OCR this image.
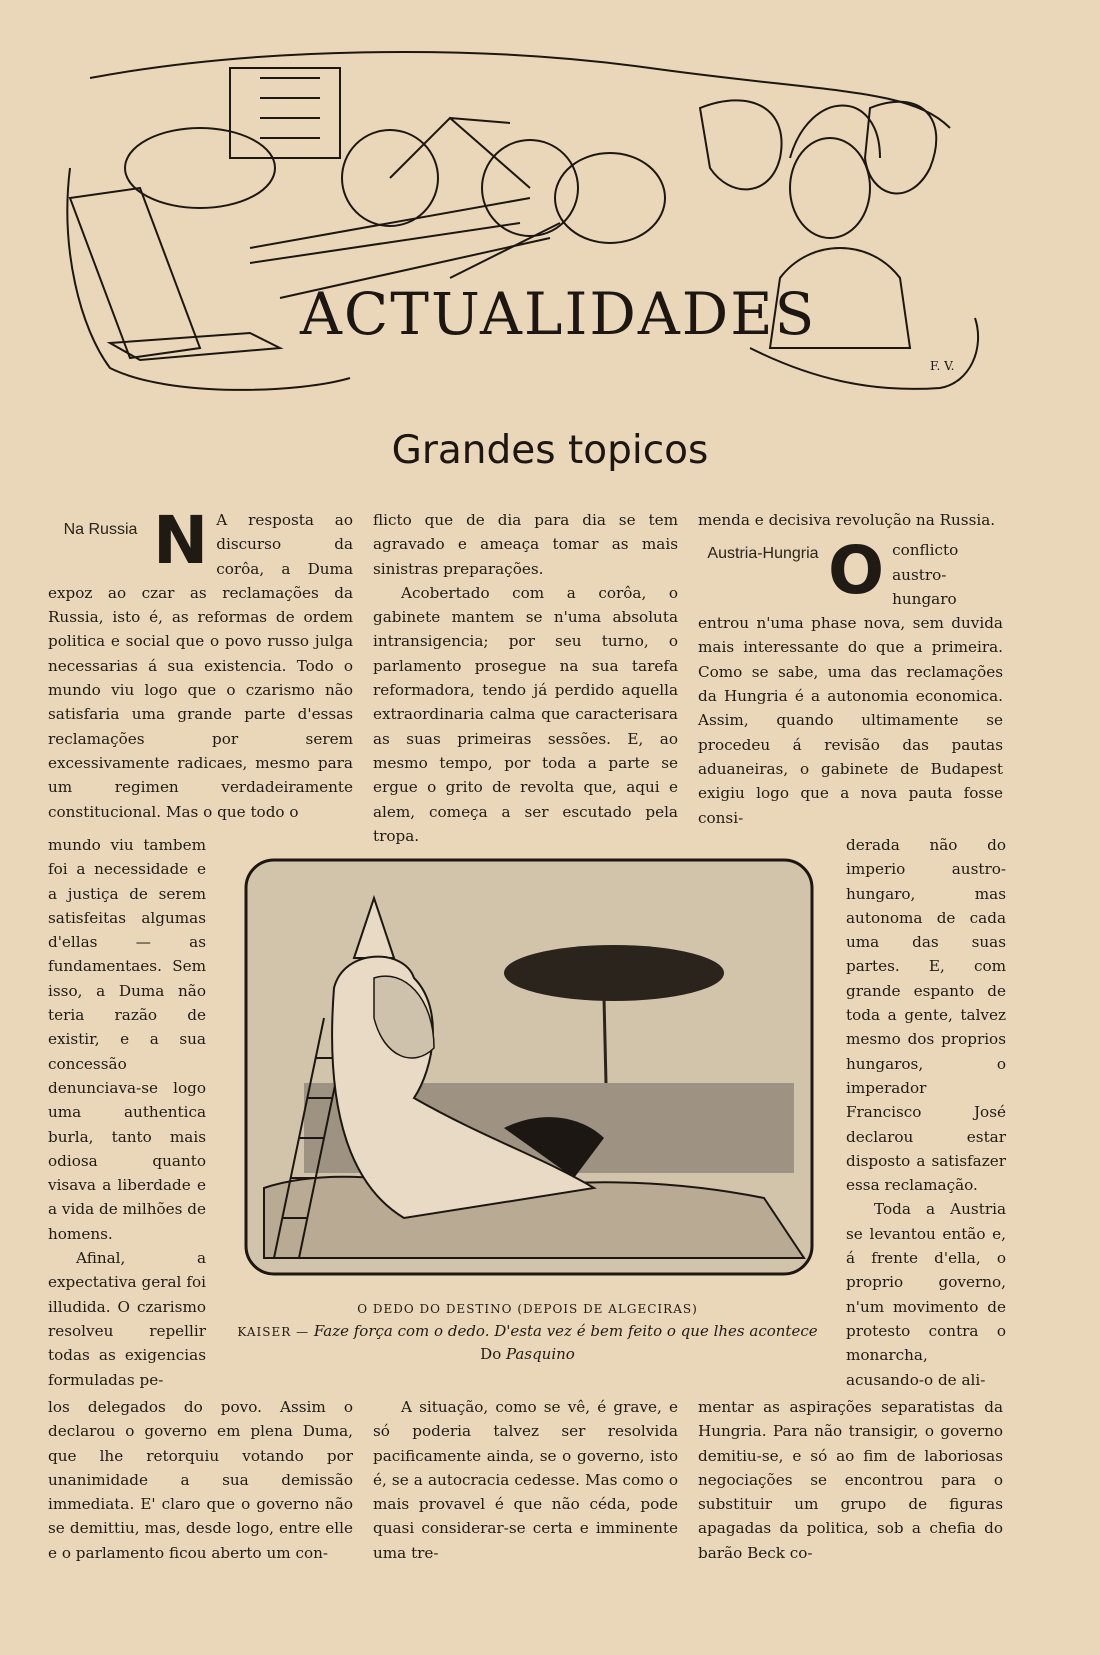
F. V.
ACTUALIDADES
Grandes topicos

Na Russia N A resposta ao discurso da corôa, a Duma expoz ao czar as reclamações da Russia, isto é, as reformas de ordem politica e social que o povo russo julga necessarias á sua existencia. Todo o mundo viu logo que o czarismo não satisfaria uma grande parte d'essas reclamações por serem excessivamente radicaes, mesmo para um regimen verdadeiramente constitucional. Mas o que todo o

mundo viu tambem foi a necessidade e a justiça de serem satisfeitas algumas d'ellas — as fundamentaes. Sem isso, a Duma não teria razão de existir, e a sua concessão denunciava-se logo uma authentica burla, tanto mais odiosa quanto visava a liberdade e a vida de milhões de homens.

Afinal, a expectativa geral foi illudida. O czarismo resolveu repellir todas as exigencias formuladas pe-

los delegados do povo. Assim o declarou o governo em plena Duma, que lhe retorquiu votando por unanimidade a sua demissão immediata. E' claro que o governo não se demittiu, mas, desde logo, entre elle e o parlamento ficou aberto um con-

flicto que de dia para dia se tem agravado e ameaça tomar as mais sinistras preparações.

Acobertado com a corôa, o gabinete mantem se n'uma absoluta intransigencia; por seu turno, o parlamento prosegue na sua tarefa reformadora, tendo já perdido aquella extraordinaria calma que caracterisara as suas primeiras sessões. E, ao mesmo tempo, por toda a parte se ergue o grito de revolta que, aqui e alem, começa a ser escutado pela tropa.

A situação, como se vê, é grave, e só poderia talvez ser resolvida pacificamente ainda, se o governo, isto é, se a autocracia cedesse. Mas como o mais provavel é que não céda, pode quasi considerar-se certa e imminente uma tre-

menda e decisiva revolução na Russia.

Austria-Hungria O conflicto austro-hungaro entrou n'uma phase nova, sem duvida mais interessante do que a primeira. Como se sabe, uma das reclamações da Hungria é a autonomia economica. Assim, quando ultimamente se procedeu á revisão das pautas aduaneiras, o gabinete de Budapest exigiu logo que a nova pauta fosse consi-

derada não do imperio austro-hungaro, mas autonoma de cada uma das suas partes. E, com grande espanto de toda a gente, talvez mesmo dos proprios hungaros, o imperador Francisco José declarou estar disposto a satisfazer essa reclamação.

Toda a Austria se levantou então e, á frente d'ella, o proprio governo, n'um movimento de protesto contra o monarcha, acusando-o de ali-

mentar as aspirações separatistas da Hungria. Para não transigir, o governo demitiu-se, e só ao fim de laboriosas negociações se encontrou para o substituir um grupo de figuras apagadas da politica, sob a chefia do barão Beck co-

O DEDO DO DESTINO (DEPOIS DE ALGECIRAS)
KAISER — Faze força com o dedo. D'esta vez é bem feito o que lhes acontece
Do Pasquino
